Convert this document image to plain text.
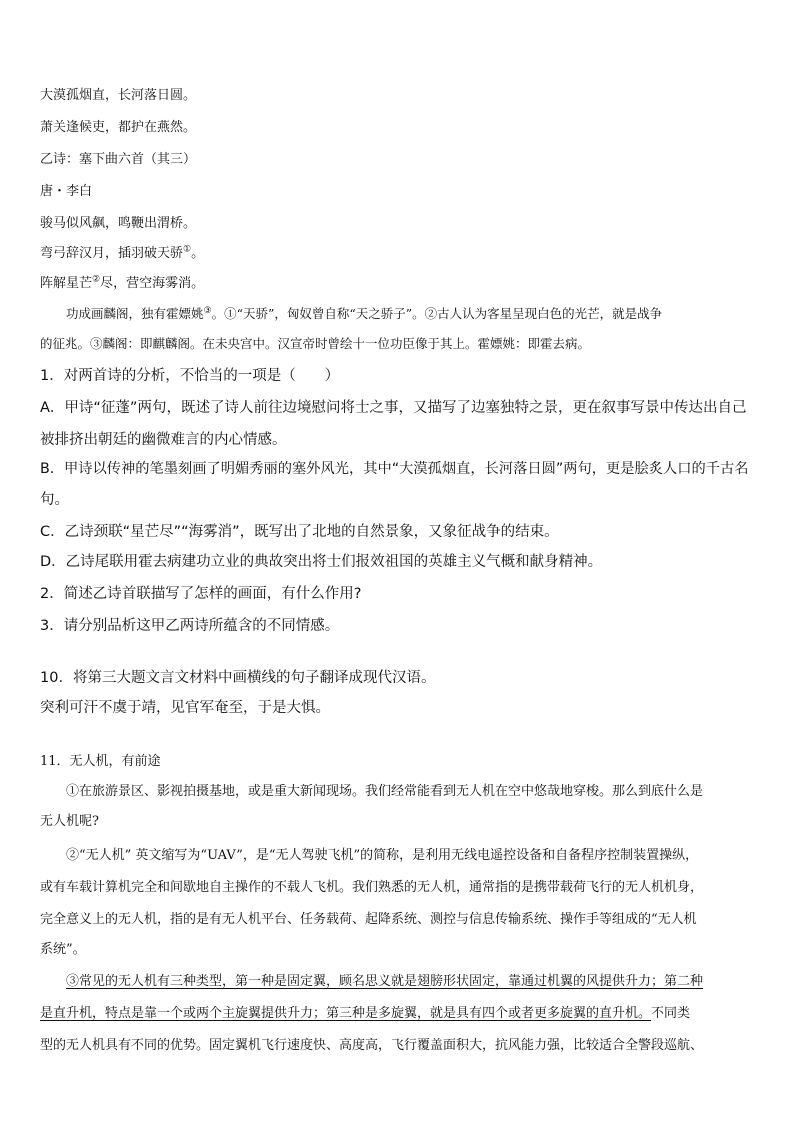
大漠孤烟直，长河落日圆。
萧关逢候吏，都护在燕然。
乙诗：塞下曲六首（其三）
唐・李白
骏马似风飙，鸣鞭出渭桥。
弯弓辞汉月，插羽破天骄①。
阵解星芒②尽，营空海雾消。
功成画麟阁，独有霍嫖姚③。①“天骄”，匈奴曾自称“天之骄子”。②古人认为客星呈现白色的光芒，就是战争
的征兆。③麟阁：即麒麟阁。在未央宫中。汉宣帝时曾绘十一位功臣像于其上。霍嫖姚：即霍去病。
1．对两首诗的分析，不恰当的一项是（　　）
A．甲诗“征蓬”两句，既述了诗人前往边境慰问将士之事，又描写了边塞独特之景，更在叙事写景中传达出自己
被排挤出朝廷的幽微难言的内心情感。
B．甲诗以传神的笔墨刻画了明媚秀丽的塞外风光，其中“大漠孤烟直，长河落日圆”两句，更是脍炙人口的千古名
句。
C．乙诗颈联“星芒尽”“海雾消”，既写出了北地的自然景象，又象征战争的结束。
D．乙诗尾联用霍去病建功立业的典故突出将士们报效祖国的英雄主义气概和献身精神。
2．简述乙诗首联描写了怎样的画面，有什么作用?
3．请分别品析这甲乙两诗所蕴含的不同情感。
10．将第三大题文言文材料中画横线的句子翻译成现代汉语。
突利可汗不虞于靖，见官军奄至，于是大惧。
11．无人机，有前途
①在旅游景区、影视拍摄基地，或是重大新闻现场。我们经常能看到无人机在空中悠哉地穿梭。那么到底什么是
无人机呢?
②“无人机” 英文缩写为“UAV”，是“无人驾驶飞机”的简称，是利用无线电遥控设备和自备程序控制装置操纵，
或有车载计算机完全和间歇地自主操作的不载人飞机。我们熟悉的无人机，通常指的是携带载荷飞行的无人机机身，
完全意义上的无人机，指的是有无人机平台、任务载荷、起降系统、测控与信息传输系统、操作手等组成的“无人机
系统”。
③常见的无人机有三种类型，第一种是固定翼，顾名思义就是翅膀形状固定，靠通过机翼的风提供升力；第二种
是直升机，特点是靠一个或两个主旋翼提供升力；第三种是多旋翼，就是具有四个或者更多旋翼的直升机。不同类
型的无人机具有不同的优势。固定翼机飞行速度快、高度高，飞行覆盖面积大，抗风能力强，比较适合全警段巡航、
